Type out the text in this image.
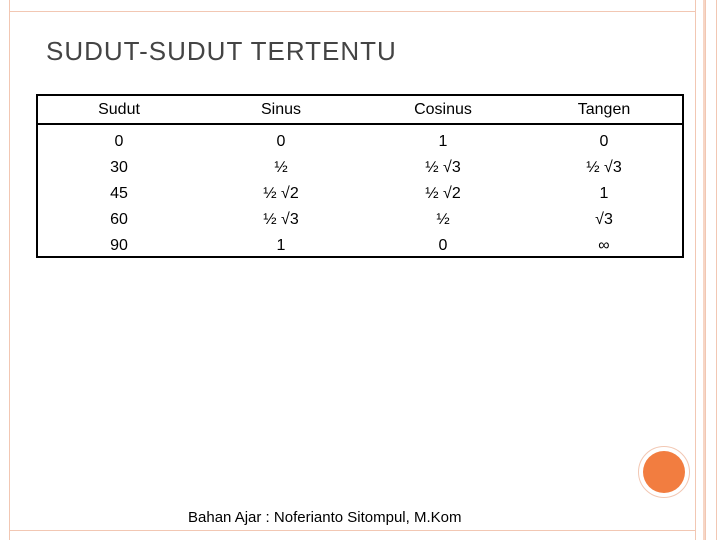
SUDUT-SUDUT TERTENTU
Sudut	Sinus	Cosinus	Tangen
0	0	1	0
30	½	½ √3	½ √3
45	½ √2	½ √2	1
60	½ √3	½	√3
90	1	0	∞
Bahan Ajar : Noferianto Sitompul, M.Kom
